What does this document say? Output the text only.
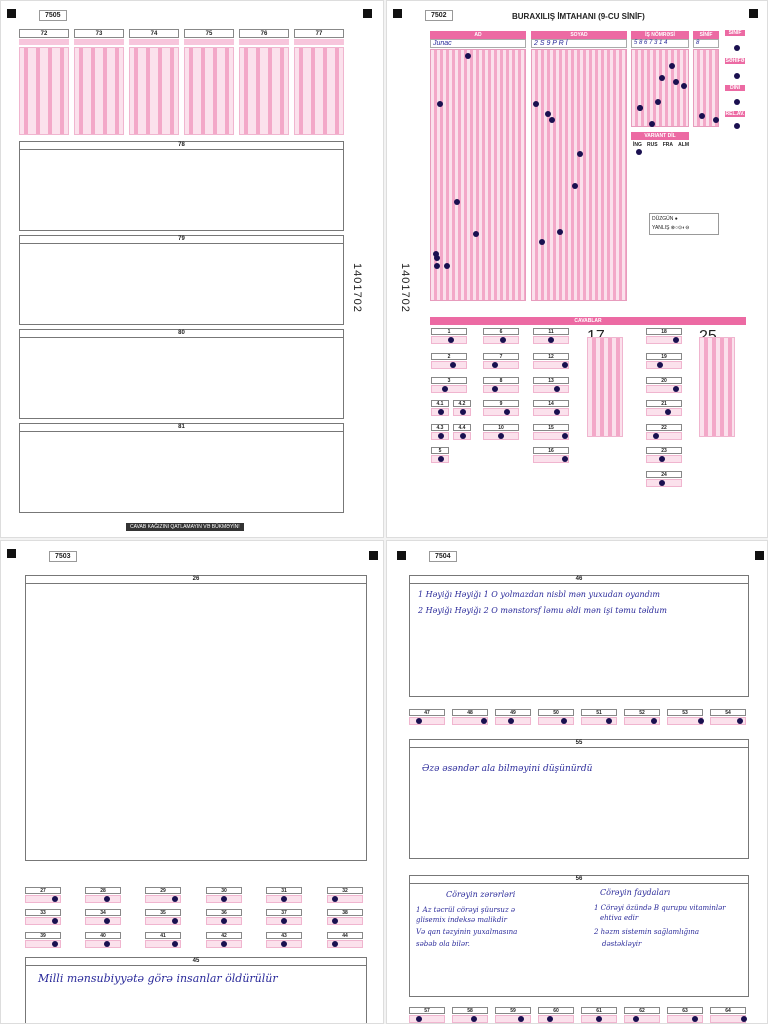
7505
72	73	74	75	76	77
78
79
80
81
1401702
CAVAB KAĞIZINI QATLAMAYIN VƏ BÜKMƏYİN!
7502	BURAXILIŞ İMTAHANI (9-CU SİNİF)
1401702
AD
Junac
SOYAD
2 S 9 P R İ
İŞ NÖMRƏSİ
5 8 6 7 3 1 4
SİNİF KODU
8
SİNİF
SƏHİFƏ
DİNİ
REL.AV.
VARIANT DİL
İNG RUS FRA ALM
DÜZGÜN ●
YANLIŞ ⊗○⊙◐⊖
CAVABLAR
1
2
3
4.1	4.2
4.3	4.4
5
6
7
8
9
10
11
12
13
14
15
16
18
19
20
21
22
23
24
7503
26
27	28	29	30	31	32
33	34	35	36	37	38
39	40	41	42	43	44
45
Milli mənsubiyyətə görə insanlar öldürülür
7504
46
1 Həyiğı Həyiğı 1 O yolmazdan nisbl mən yuxudan oyandım
2 Həyiğı Həyiğı 2 O mənstorsf ləmu əldi mən işi təmu təldum
47	48	49	50	51	52	53	54
55
Əzə əsəndər ala bilməyini düşünürdü
56
Cörəyin zərərləri	Cörəyin faydaları
1 Az təcrül cörəyi şüursuz ə
glisemix indeksə malikdir
Və qan təzyinin yuxalmasına
səbəb ola bilər.
1 Cörəyi özündə B qurupu vitaminlər
ehtiva edir
2 həzm sistemin sağlamlığına
dəstəkləyir
57	58	59	60	61	62	63	64
